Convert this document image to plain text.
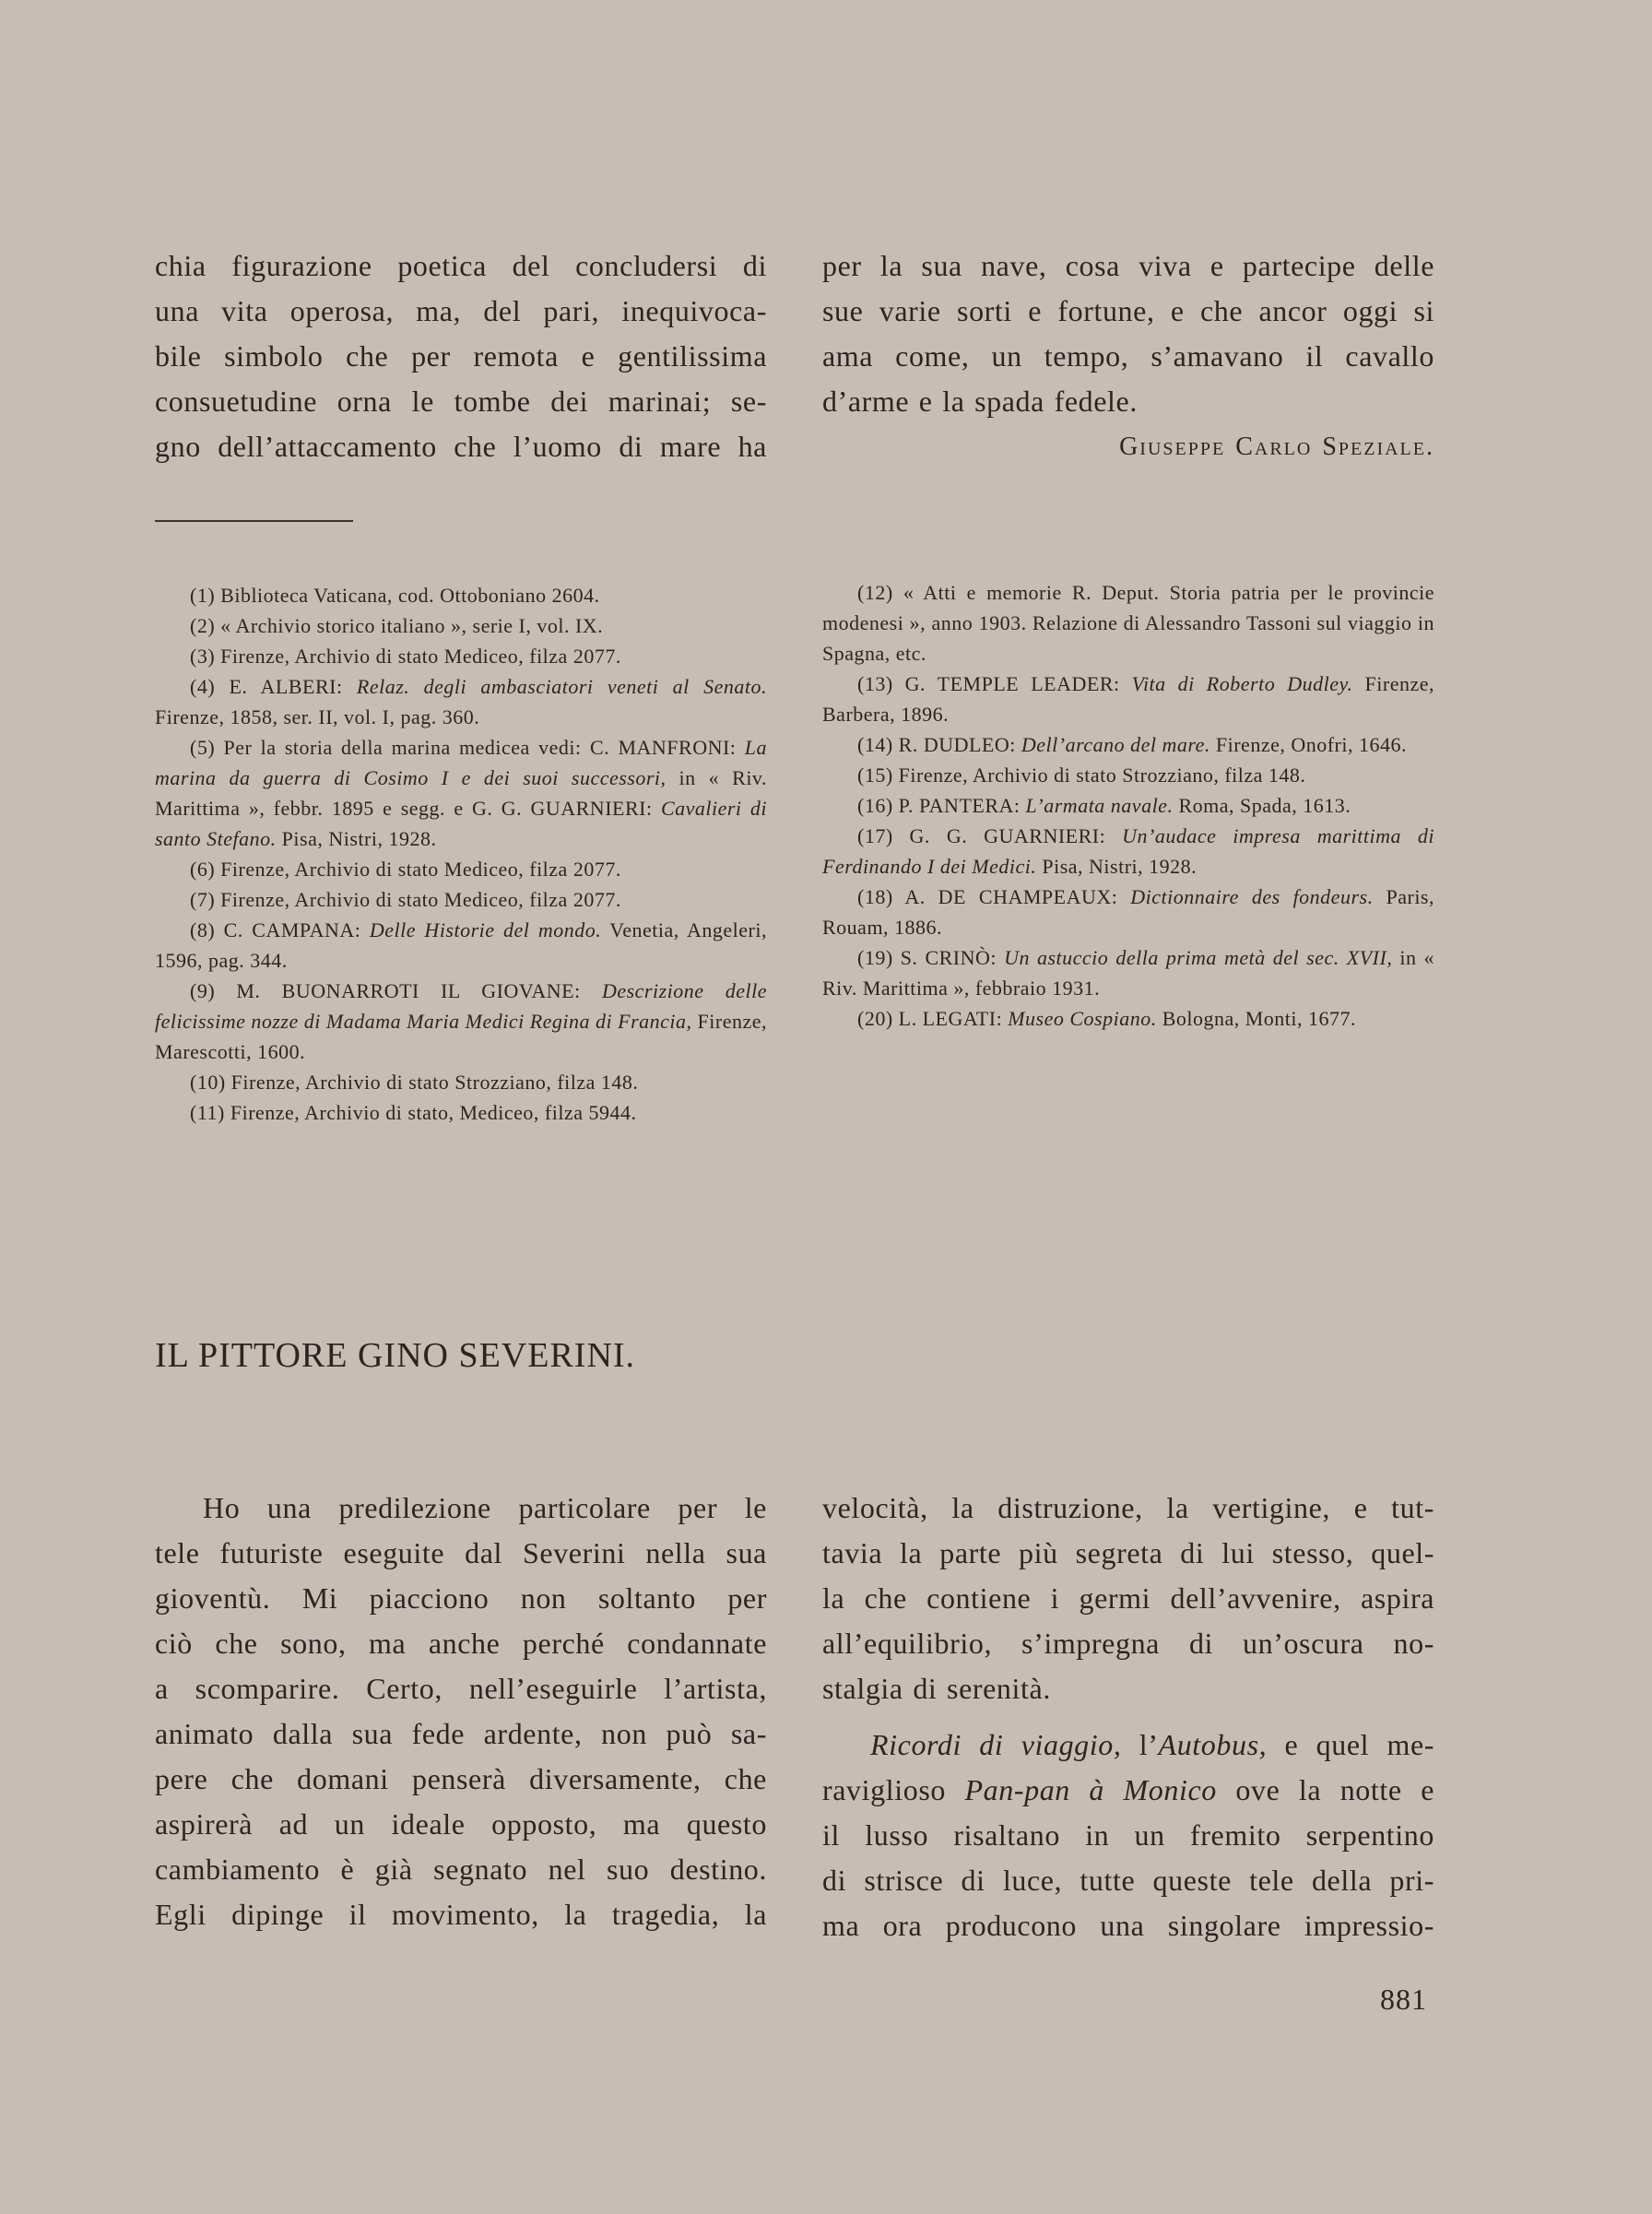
chia figurazione poetica del concludersi di
una vita operosa, ma, del pari, inequivoca-
bile simbolo che per remota e gentilissima
consuetudine orna le tombe dei marinai; se-
gno dell’attaccamento che l’uomo di mare ha
per la sua nave, cosa viva e partecipe delle
sue varie sorti e fortune, e che ancor oggi si
ama come, un tempo, s’amavano il cavallo
d’arme e la spada fedele.
Giuseppe Carlo Speziale.

(1) Biblioteca Vaticana, cod. Ottoboniano 2604.

(2) « Archivio storico italiano », serie I, vol. IX.

(3) Firenze, Archivio di stato Mediceo, filza 2077.

(4) E. ALBERI: Relaz. degli ambasciatori veneti al Senato. Firenze, 1858, ser. II, vol. I, pag. 360.

(5) Per la storia della marina medicea vedi: C. MANFRONI: La marina da guerra di Cosimo I e dei suoi successori, in « Riv. Marittima », febbr. 1895 e segg. e G. G. GUARNIERI: Cavalieri di santo Stefano. Pisa, Nistri, 1928.

(6) Firenze, Archivio di stato Mediceo, filza 2077.

(7) Firenze, Archivio di stato Mediceo, filza 2077.

(8) C. CAMPANA: Delle Historie del mondo. Venetia, Angeleri, 1596, pag. 344.

(9) M. BUONARROTI IL GIOVANE: Descrizione delle felicissime nozze di Madama Maria Medici Regina di Francia, Firenze, Marescotti, 1600.

(10) Firenze, Archivio di stato Strozziano, filza 148.

(11) Firenze, Archivio di stato, Mediceo, filza 5944.

(12) « Atti e memorie R. Deput. Storia patria per le provincie modenesi », anno 1903. Relazione di Alessandro Tassoni sul viaggio in Spagna, etc.

(13) G. TEMPLE LEADER: Vita di Roberto Dudley. Firenze, Barbera, 1896.

(14) R. DUDLEO: Dell’arcano del mare. Firenze, Onofri, 1646.

(15) Firenze, Archivio di stato Strozziano, filza 148.

(16) P. PANTERA: L’armata navale. Roma, Spada, 1613.

(17) G. G. GUARNIERI: Un’audace impresa marittima di Ferdinando I dei Medici. Pisa, Nistri, 1928.

(18) A. DE CHAMPEAUX: Dictionnaire des fondeurs. Paris, Rouam, 1886.

(19) S. CRINÒ: Un astuccio della prima metà del sec. XVII, in « Riv. Marittima », febbraio 1931.

(20) L. LEGATI: Museo Cospiano. Bologna, Monti, 1677.

IL PITTORE GINO SEVERINI.
Ho una predilezione particolare per le
tele futuriste eseguite dal Severini nella sua
gioventù. Mi piacciono non soltanto per
ciò che sono, ma anche perché condannate
a scomparire. Certo, nell’eseguirle l’artista,
animato dalla sua fede ardente, non può sa-
pere che domani penserà diversamente, che
aspirerà ad un ideale opposto, ma questo
cambiamento è già segnato nel suo destino.
Egli dipinge il movimento, la tragedia, la
velocità, la distruzione, la vertigine, e tut-
tavia la parte più segreta di lui stesso, quel-
la che contiene i germi dell’avvenire, aspira
all’equilibrio, s’impregna di un’oscura no-
stalgia di serenità.
Ricordi di viaggio, l’Autobus, e quel me-
raviglioso Pan-pan à Monico ove la notte e
il lusso risaltano in un fremito serpentino
di strisce di luce, tutte queste tele della pri-
ma ora producono una singolare impressio-
881
